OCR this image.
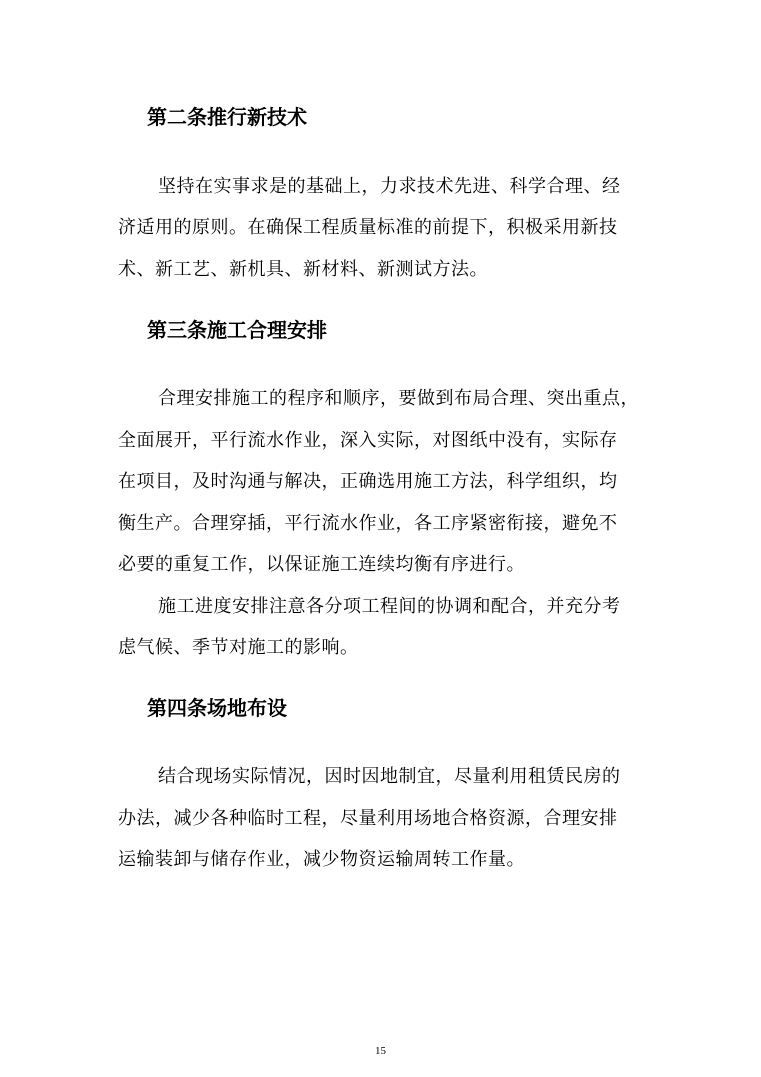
第二条推行新技术
坚持在实事求是的基础上，力求技术先进、科学合理、经
济适用的原则。在确保工程质量标准的前提下，积极采用新技
术、新工艺、新机具、新材料、新测试方法。
第三条施工合理安排
合理安排施工的程序和顺序，要做到布局合理、突出重点，
全面展开，平行流水作业，深入实际，对图纸中没有，实际存
在项目，及时沟通与解决，正确选用施工方法，科学组织，均
衡生产。合理穿插，平行流水作业，各工序紧密衔接，避免不
必要的重复工作，以保证施工连续均衡有序进行。
施工进度安排注意各分项工程间的协调和配合，并充分考
虑气候、季节对施工的影响。
第四条场地布设
结合现场实际情况，因时因地制宜，尽量利用租赁民房的
办法，减少各种临时工程，尽量利用场地合格资源，合理安排
运输装卸与储存作业，减少物资运输周转工作量。
15
